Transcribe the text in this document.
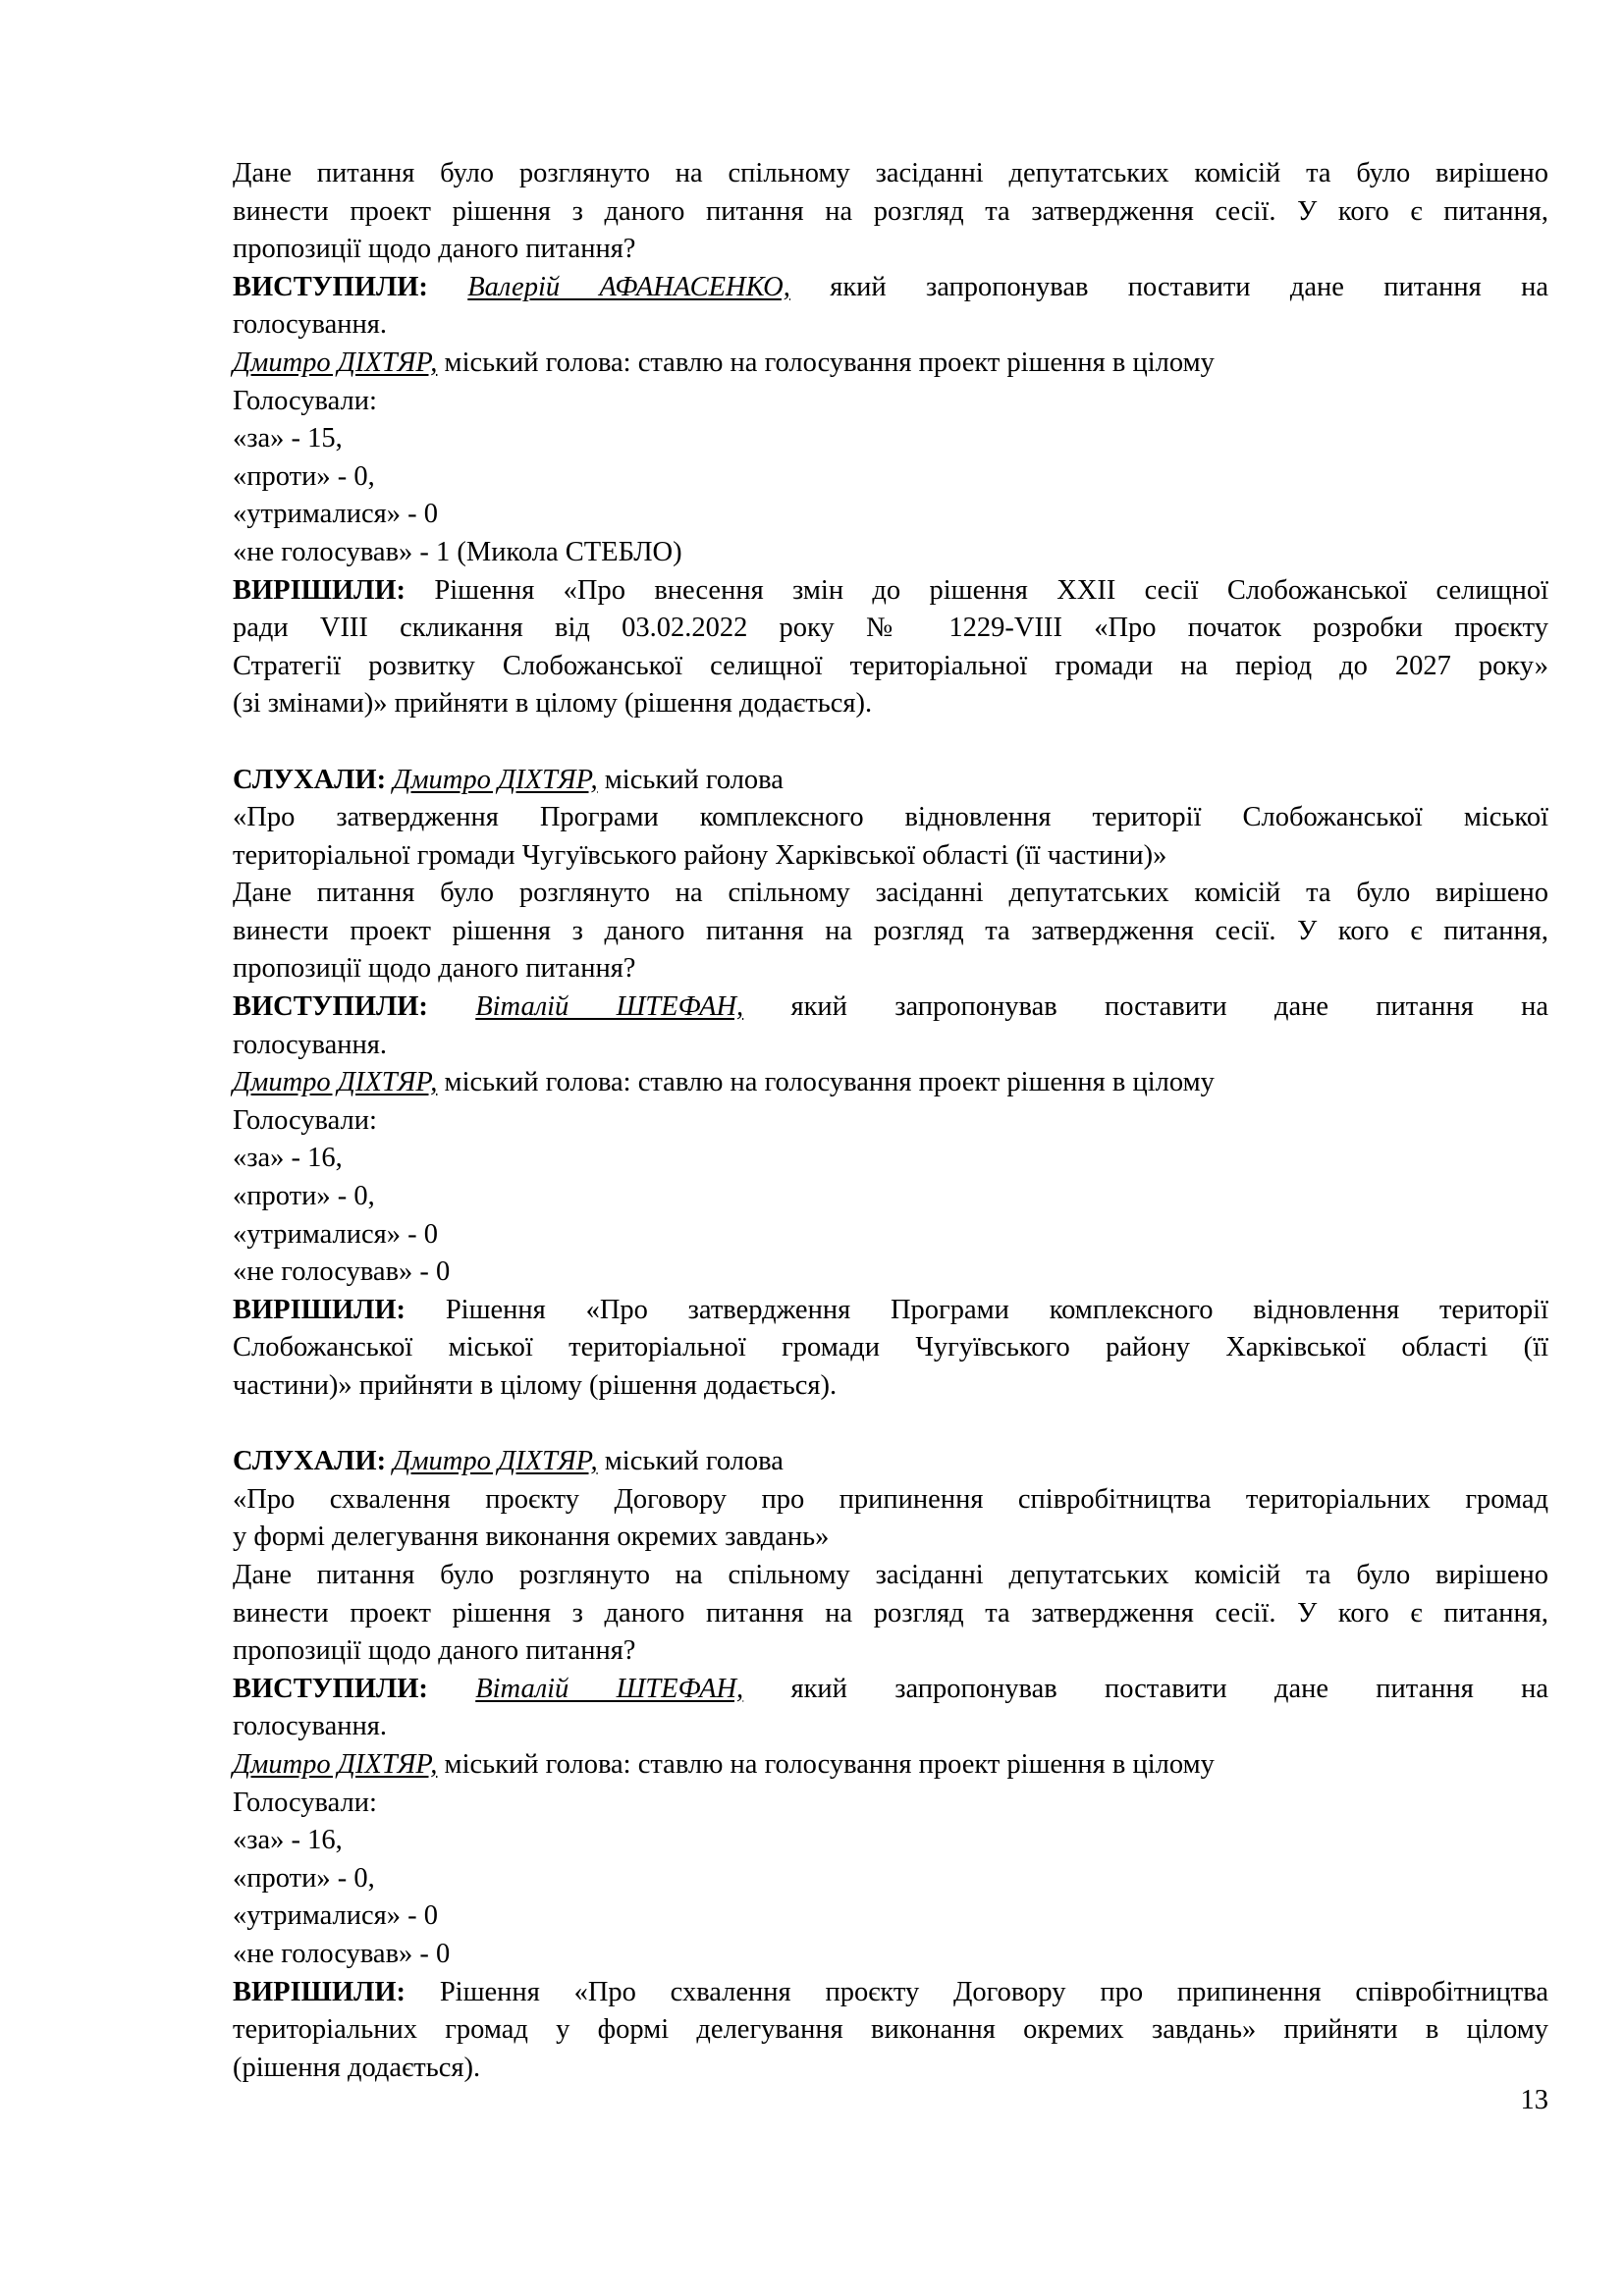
Дане питання було розглянуто на спільному засіданні депутатських комісій та було вирішено
винести проект рішення з даного питання на розгляд та затвердження сесії. У кого є питання,
пропозиції щодо даного питання?
ВИСТУПИЛИ: Валерій АФАНАСЕНКО, який запропонував поставити дане питання на
голосування.
Дмитро ДІХТЯР, міський голова: ставлю на голосування проект рішення в цілому
Голосували:
«за» - 15,
«проти» - 0,
«утрималися» - 0
«не голосував» - 1 (Микола СТЕБЛО)
ВИРІШИЛИ: Рішення «Про внесення змін до рішення XXІІ сесії Слобожанської селищної
ради VIII скликання від 03.02.2022 року № 1229-VIII «Про початок розробки проєкту
Стратегії розвитку Слобожанської селищної територіальної громади на період до 2027 року»
(зі змінами)» прийняти в цілому (рішення додається).
СЛУХАЛИ: Дмитро ДІХТЯР, міський голова
«Про затвердження Програми комплексного відновлення території Слобожанської міської
територіальної громади Чугуївського району Харківської області (її частини)»
Дане питання було розглянуто на спільному засіданні депутатських комісій та було вирішено
винести проект рішення з даного питання на розгляд та затвердження сесії. У кого є питання,
пропозиції щодо даного питання?
ВИСТУПИЛИ: Віталій ШТЕФАН, який запропонував поставити дане питання на
голосування.
Дмитро ДІХТЯР, міський голова: ставлю на голосування проект рішення в цілому
Голосували:
«за» - 16,
«проти» - 0,
«утрималися» - 0
«не голосував» - 0
ВИРІШИЛИ: Рішення «Про затвердження Програми комплексного відновлення території
Слобожанської міської територіальної громади Чугуївського району Харківської області (її
частини)» прийняти в цілому (рішення додається).
СЛУХАЛИ: Дмитро ДІХТЯР, міський голова
«Про схвалення проєкту Договору про припинення співробітництва територіальних громад
у формі делегування виконання окремих завдань»
Дане питання було розглянуто на спільному засіданні депутатських комісій та було вирішено
винести проект рішення з даного питання на розгляд та затвердження сесії. У кого є питання,
пропозиції щодо даного питання?
ВИСТУПИЛИ: Віталій ШТЕФАН, який запропонував поставити дане питання на
голосування.
Дмитро ДІХТЯР, міський голова: ставлю на голосування проект рішення в цілому
Голосували:
«за» - 16,
«проти» - 0,
«утрималися» - 0
«не голосував» - 0
ВИРІШИЛИ: Рішення «Про схвалення проєкту Договору про припинення співробітництва
територіальних громад у формі делегування виконання окремих завдань» прийняти в цілому
(рішення додається).
13
